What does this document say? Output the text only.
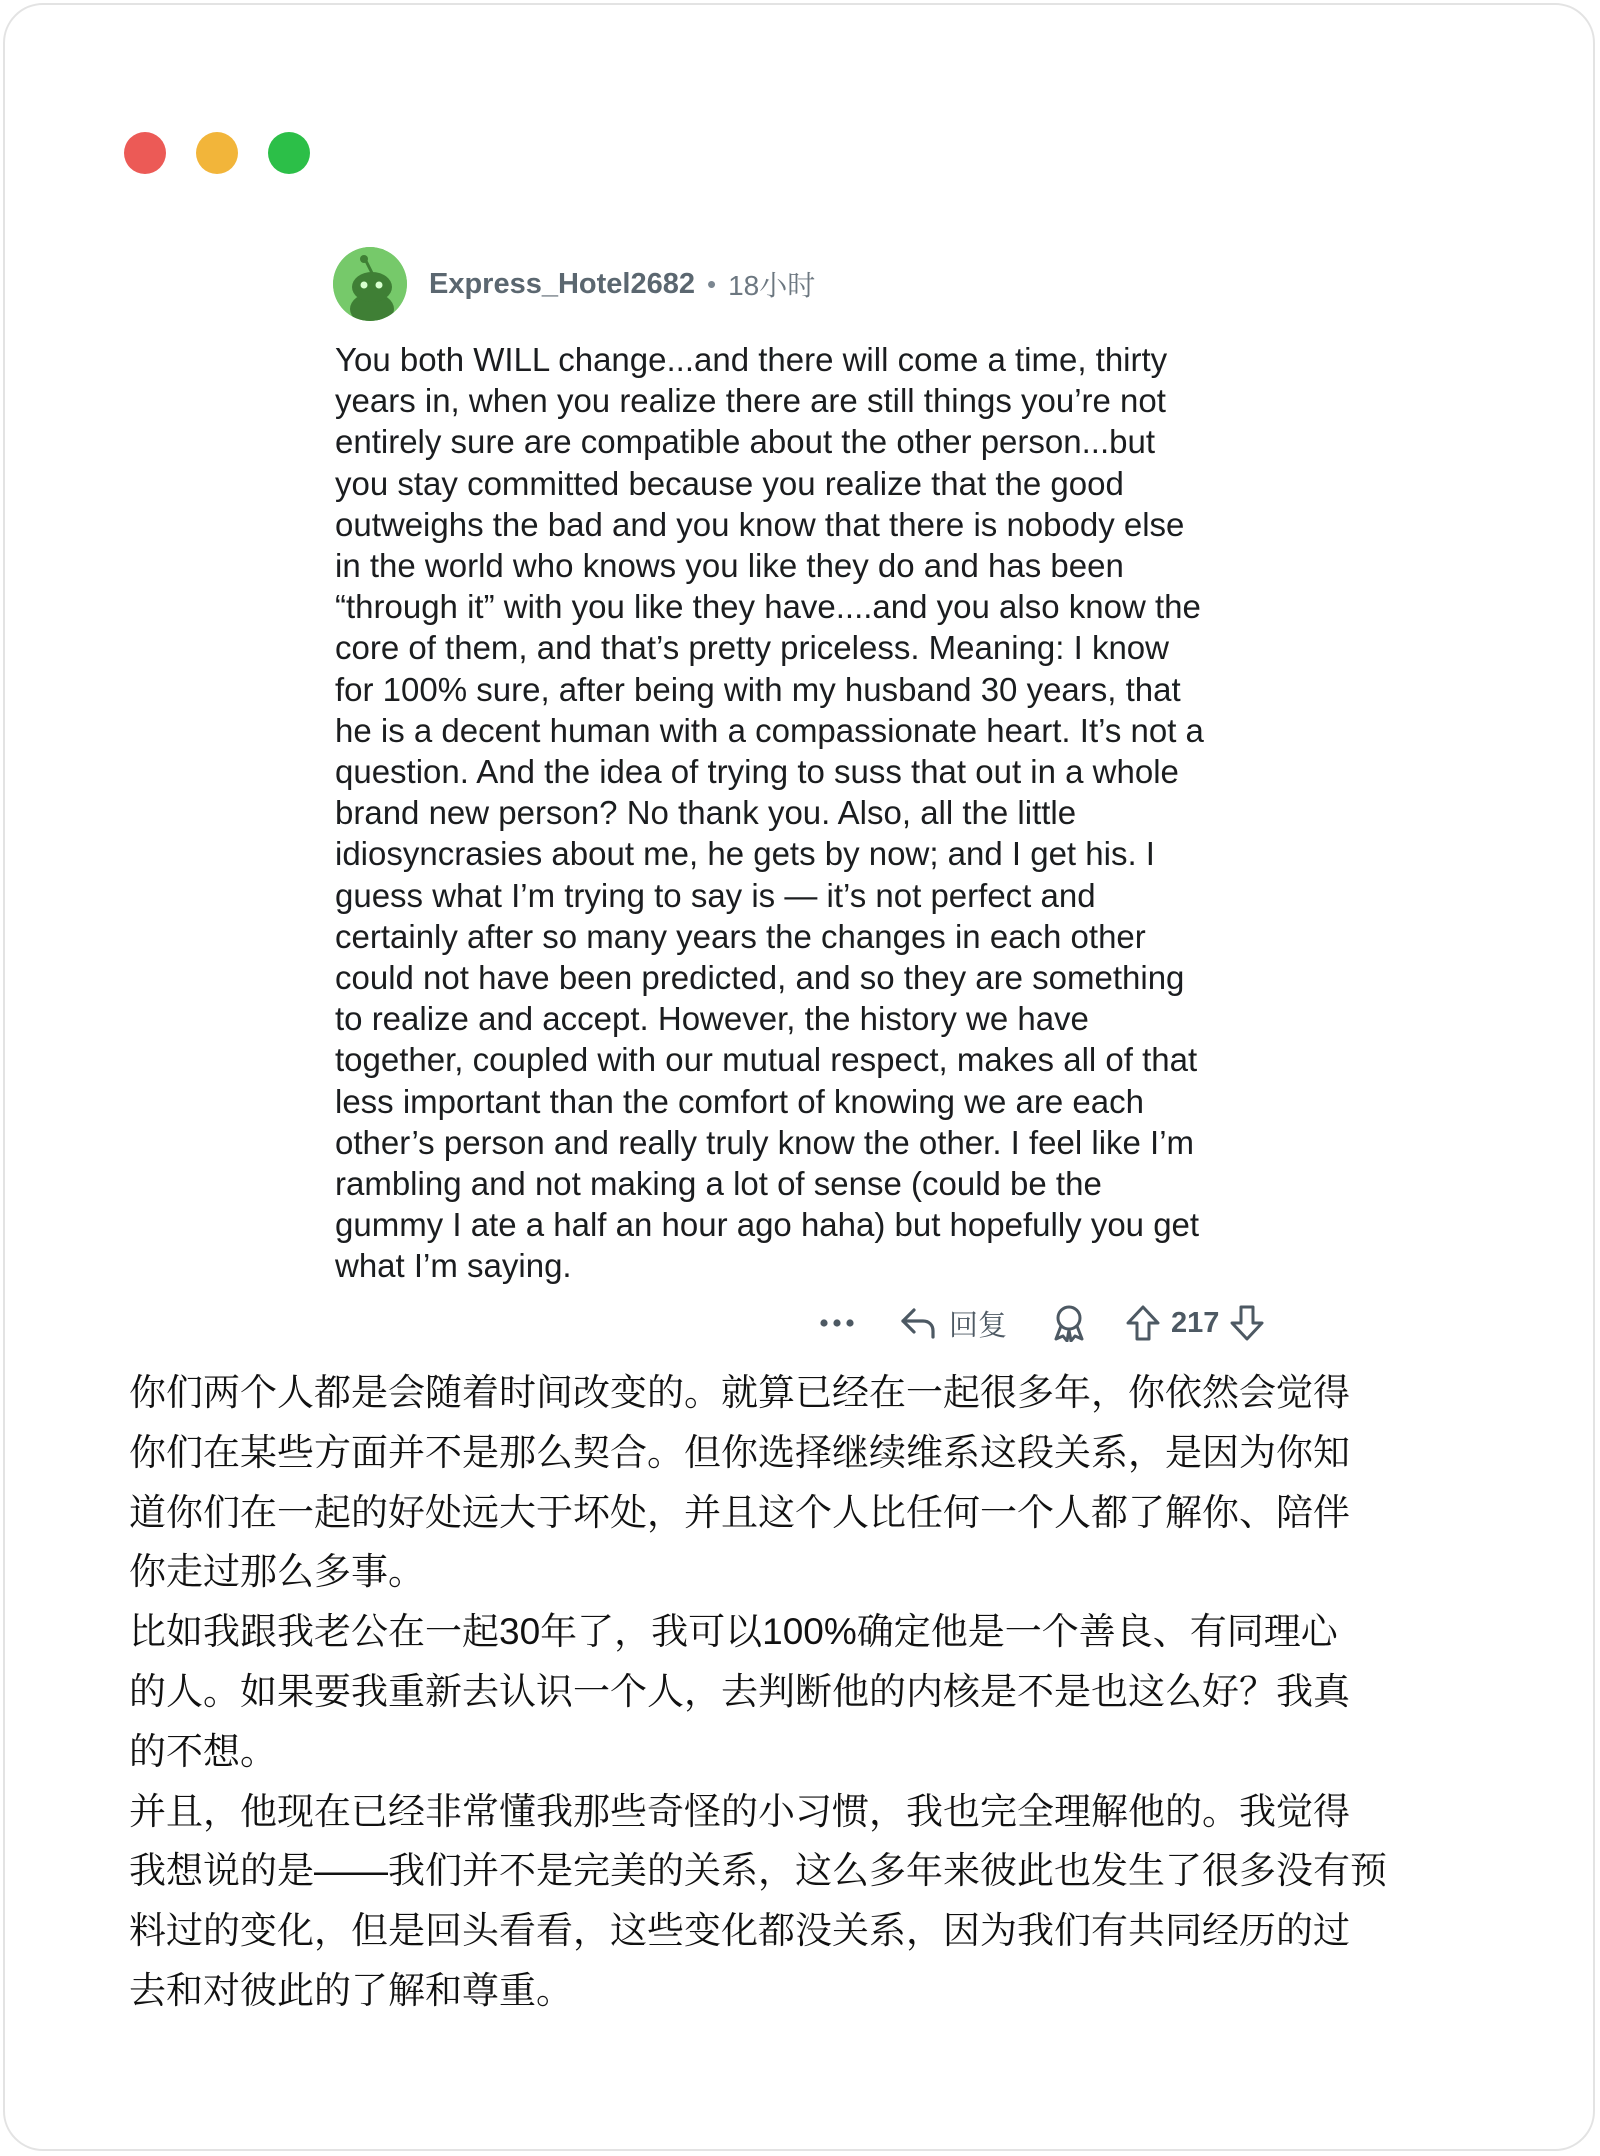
Express_Hotel2682 • 18小时
You both WILL change...and there will come a time, thirty
years in, when you realize there are still things you’re not
entirely sure are compatible about the other person...but
you stay committed because you realize that the good
outweighs the bad and you know that there is nobody else
in the world who knows you like they do and has been
“through it” with you like they have....and you also know the
core of them, and that’s pretty priceless. Meaning: I know
for 100% sure, after being with my husband 30 years, that
he is a decent human with a compassionate heart. It’s not a
question. And the idea of trying to suss that out in a whole
brand new person? No thank you. Also, all the little
idiosyncrasies about me, he gets by now; and I get his. I
guess what I’m trying to say is — it’s not perfect and
certainly after so many years the changes in each other
could not have been predicted, and so they are something
to realize and accept. However, the history we have
together, coupled with our mutual respect, makes all of that
less important than the comfort of knowing we are each
other’s person and really truly know the other. I feel like I’m
rambling and not making a lot of sense (could be the
gummy I ate a half an hour ago haha) but hopefully you get
what I’m saying.
回复	217
你们两个人都是会随着时间改变的。就算已经在一起很多年，你依然会觉得
你们在某些方面并不是那么契合。但你选择继续维系这段关系，是因为你知
道你们在一起的好处远大于坏处，并且这个人比任何一个人都了解你、陪伴
你走过那么多事。
比如我跟我老公在一起30年了，我可以100%确定他是一个善良、有同理心
的人。如果要我重新去认识一个人，去判断他的内核是不是也这么好？我真
的不想。
并且，他现在已经非常懂我那些奇怪的小习惯，我也完全理解他的。我觉得
我想说的是——我们并不是完美的关系，这么多年来彼此也发生了很多没有预
料过的变化，但是回头看看，这些变化都没关系，因为我们有共同经历的过
去和对彼此的了解和尊重。
